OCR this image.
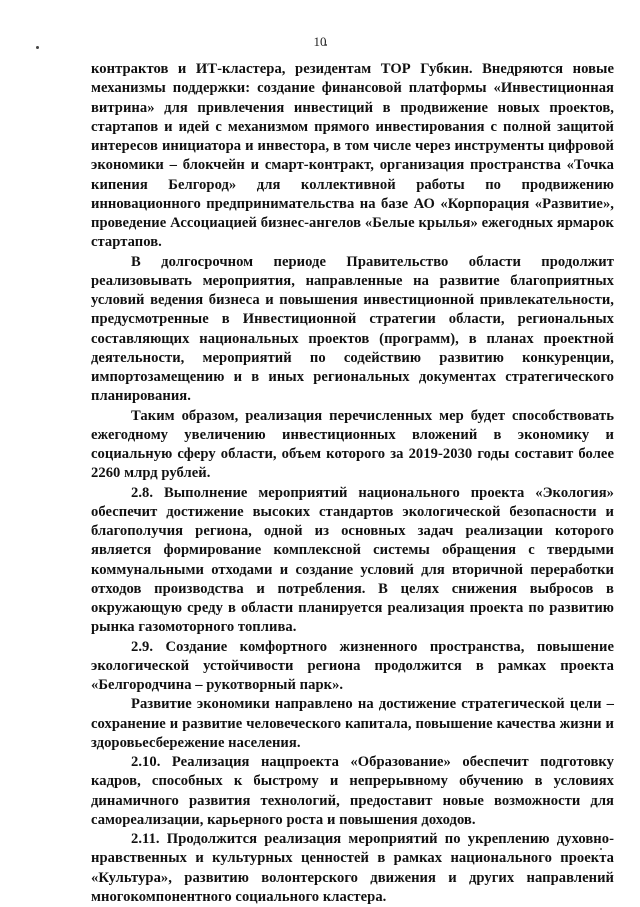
10

контрактов и ИТ-кластера, резидентам ТОР Губкин. Внедряются новые механизмы поддержки: создание финансовой платформы «Инвестиционная витрина» для привлечения инвестиций в продвижение новых проектов, стартапов и идей с механизмом прямого инвестирования с полной защитой интересов инициатора и инвестора, в том числе через инструменты цифровой экономики – блокчейн и смарт-контракт, организация пространства «Точка кипения Белгород» для коллективной работы по продвижению инновационного предпринимательства на базе АО «Корпорация «Развитие», проведение Ассоциацией бизнес-ангелов «Белые крылья» ежегодных ярмарок стартапов.

В долгосрочном периоде Правительство области продолжит реализовывать мероприятия, направленные на развитие благоприятных условий ведения бизнеса и повышения инвестиционной привлекательности, предусмотренные в Инвестиционной стратегии области, региональных составляющих национальных проектов (программ), в планах проектной деятельности, мероприятий по содействию развитию конкуренции, импортозамещению и в иных региональных документах стратегического планирования.

Таким образом, реализация перечисленных мер будет способствовать ежегодному увеличению инвестиционных вложений в экономику и социальную сферу области, объем которого за 2019-2030 годы составит более 2260 млрд рублей.

2.8. Выполнение мероприятий национального проекта «Экология» обеспечит достижение высоких стандартов экологической безопасности и благополучия региона, одной из основных задач реализации которого является формирование комплексной системы обращения с твердыми коммунальными отходами и создание условий для вторичной переработки отходов производства и потребления. В целях снижения выбросов в окружающую среду в области планируется реализация проекта по развитию рынка газомоторного топлива.

2.9. Создание комфортного жизненного пространства, повышение экологической устойчивости региона продолжится в рамках проекта «Белгородчина – рукотворный парк».

Развитие экономики направлено на достижение стратегической цели – сохранение и развитие человеческого капитала, повышение качества жизни и здоровьесбережение населения.

2.10. Реализация нацпроекта «Образование» обеспечит подготовку кадров, способных к быстрому и непрерывному обучению в условиях динамичного развития технологий, предоставит новые возможности для самореализации, карьерного роста и повышения доходов.

2.11. Продолжится реализация мероприятий по укреплению духовно-нравственных и культурных ценностей в рамках национального проекта «Культура», развитию волонтерского движения и других направлений многокомпонентного социального кластера.
